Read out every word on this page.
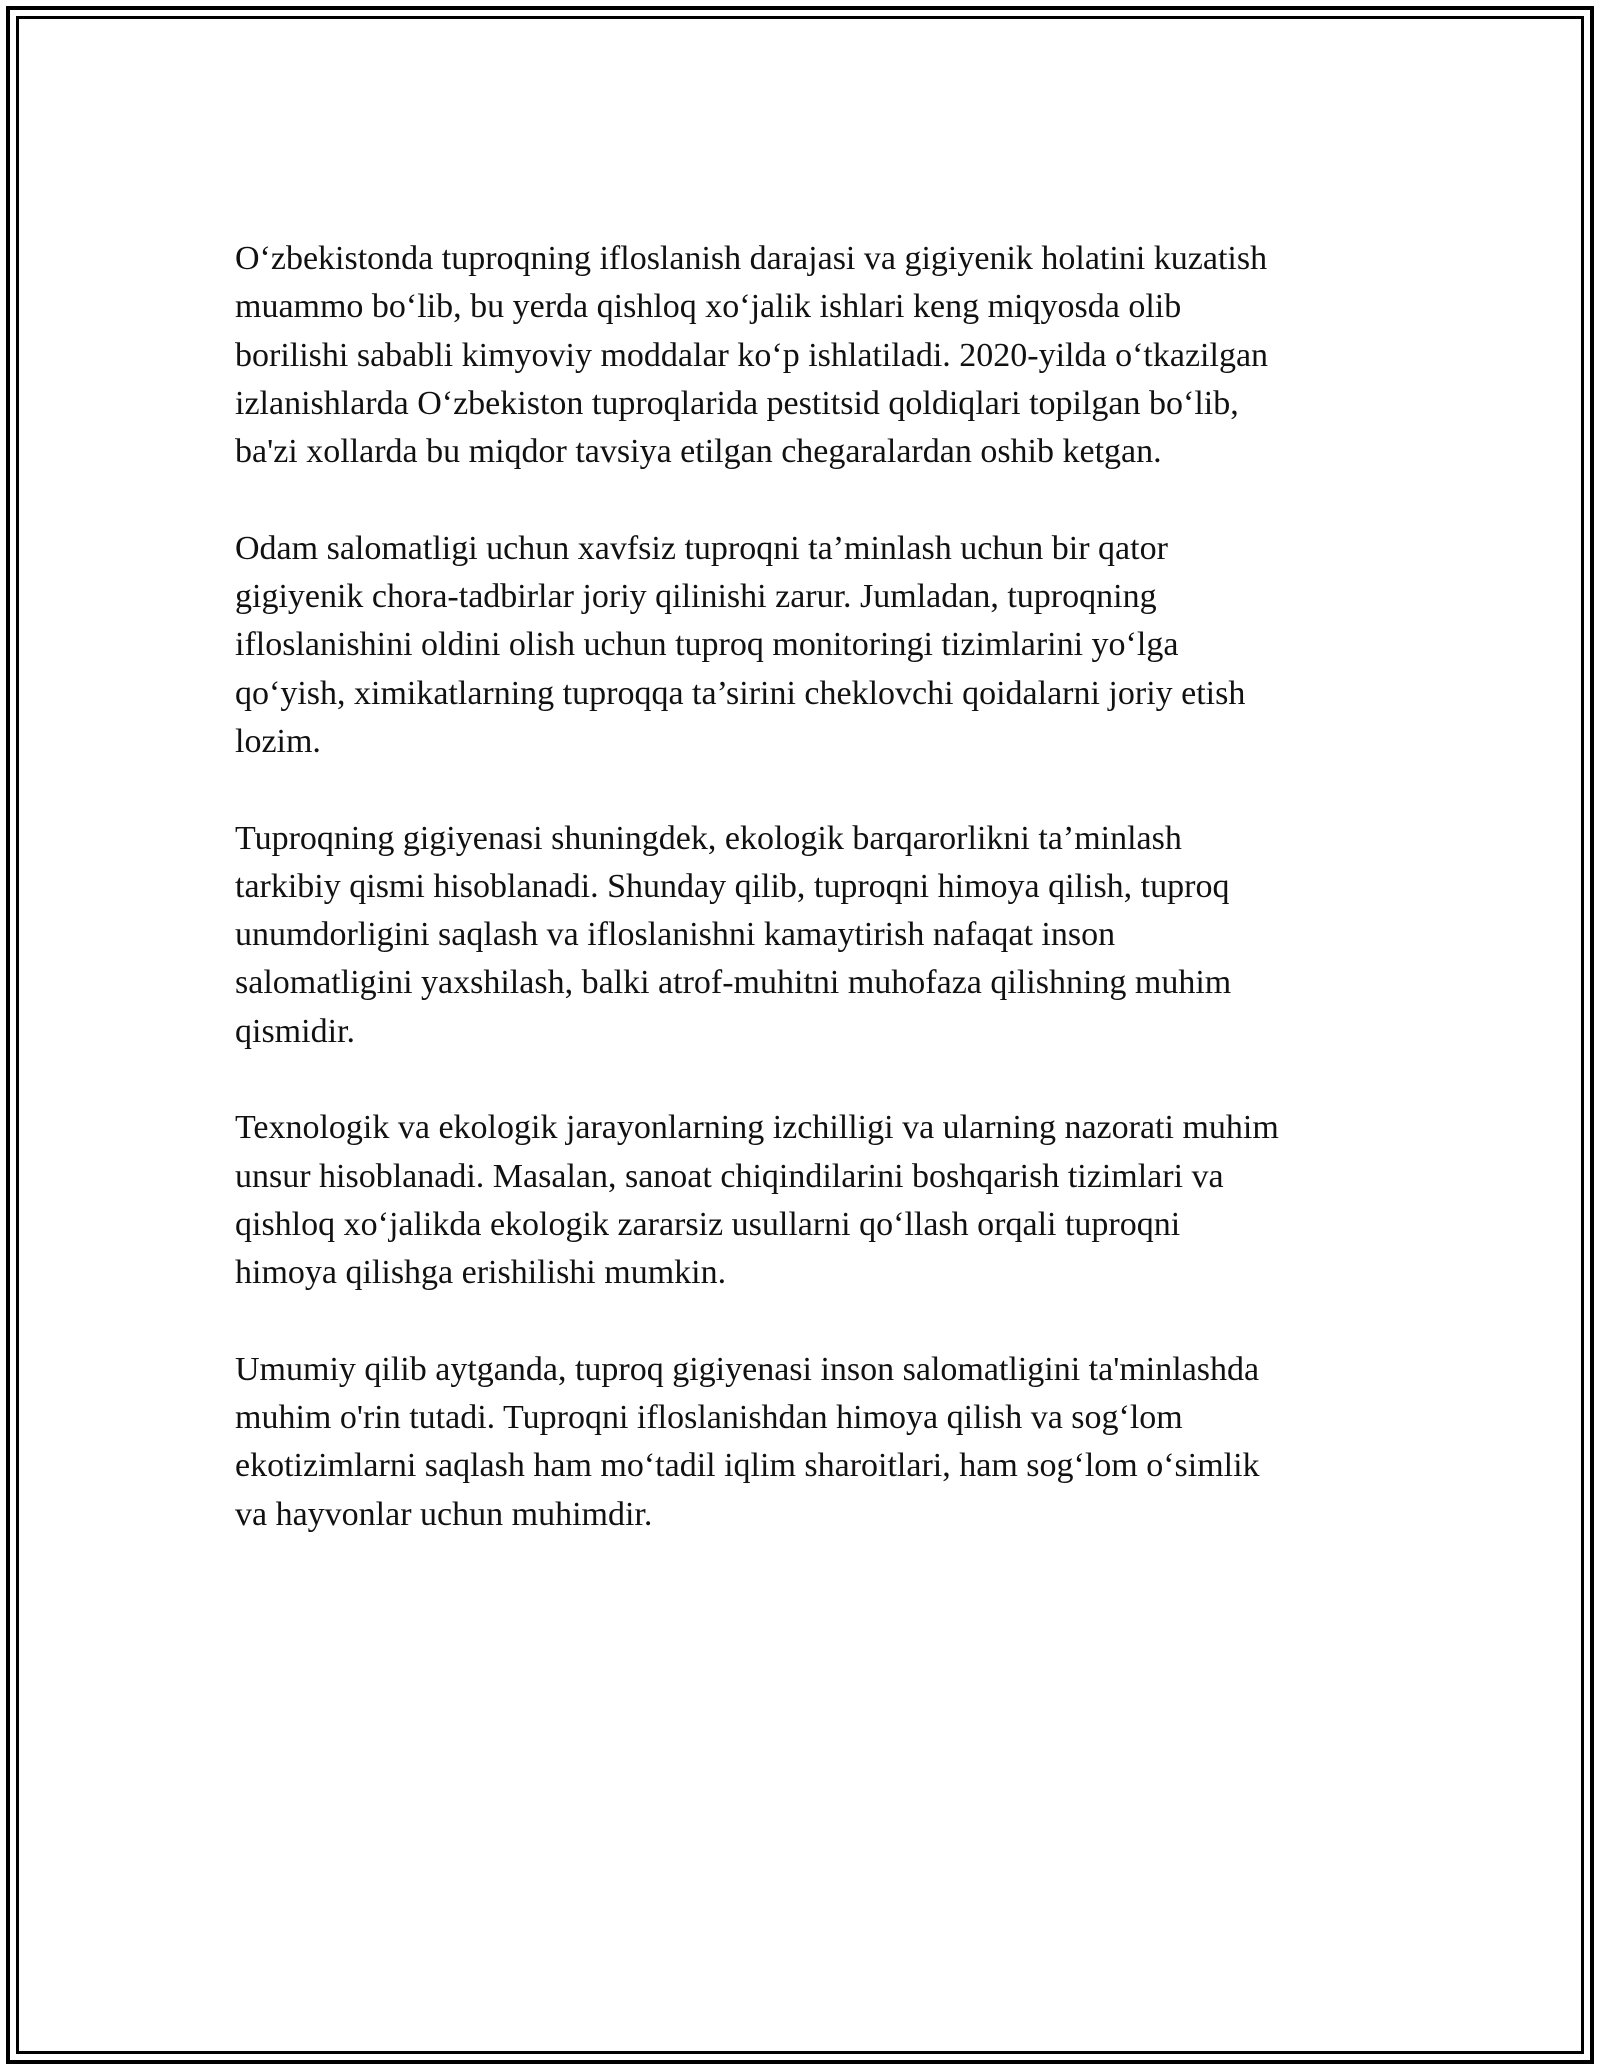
O‘zbekistonda tuproqning ifloslanish darajasi va gigiyenik holatini kuzatish
muammo bo‘lib, bu yerda qishloq xo‘jalik ishlari keng miqyosda olib
borilishi sababli kimyoviy moddalar ko‘p ishlatiladi. 2020-yilda o‘tkazilgan
izlanishlarda O‘zbekiston tuproqlarida pestitsid qoldiqlari topilgan bo‘lib,
ba'zi xollarda bu miqdor tavsiya etilgan chegaralardan oshib ketgan.

Odam salomatligi uchun xavfsiz tuproqni ta’minlash uchun bir qator
gigiyenik chora-tadbirlar joriy qilinishi zarur. Jumladan, tuproqning
ifloslanishini oldini olish uchun tuproq monitoringi tizimlarini yo‘lga
qo‘yish, ximikatlarning tuproqqa ta’sirini cheklovchi qoidalarni joriy etish
lozim.

Tuproqning gigiyenasi shuningdek, ekologik barqarorlikni ta’minlash
tarkibiy qismi hisoblanadi. Shunday qilib, tuproqni himoya qilish, tuproq
unumdorligini saqlash va ifloslanishni kamaytirish nafaqat inson
salomatligini yaxshilash, balki atrof-muhitni muhofaza qilishning muhim
qismidir.

Texnologik va ekologik jarayonlarning izchilligi va ularning nazorati muhim
unsur hisoblanadi. Masalan, sanoat chiqindilarini boshqarish tizimlari va
qishloq xo‘jalikda ekologik zararsiz usullarni qo‘llash orqali tuproqni
himoya qilishga erishilishi mumkin.

Umumiy qilib aytganda, tuproq gigiyenasi inson salomatligini ta'minlashda
muhim o'rin tutadi. Tuproqni ifloslanishdan himoya qilish va sog‘lom
ekotizimlarni saqlash ham mo‘tadil iqlim sharoitlari, ham sog‘lom o‘simlik
va hayvonlar uchun muhimdir.
